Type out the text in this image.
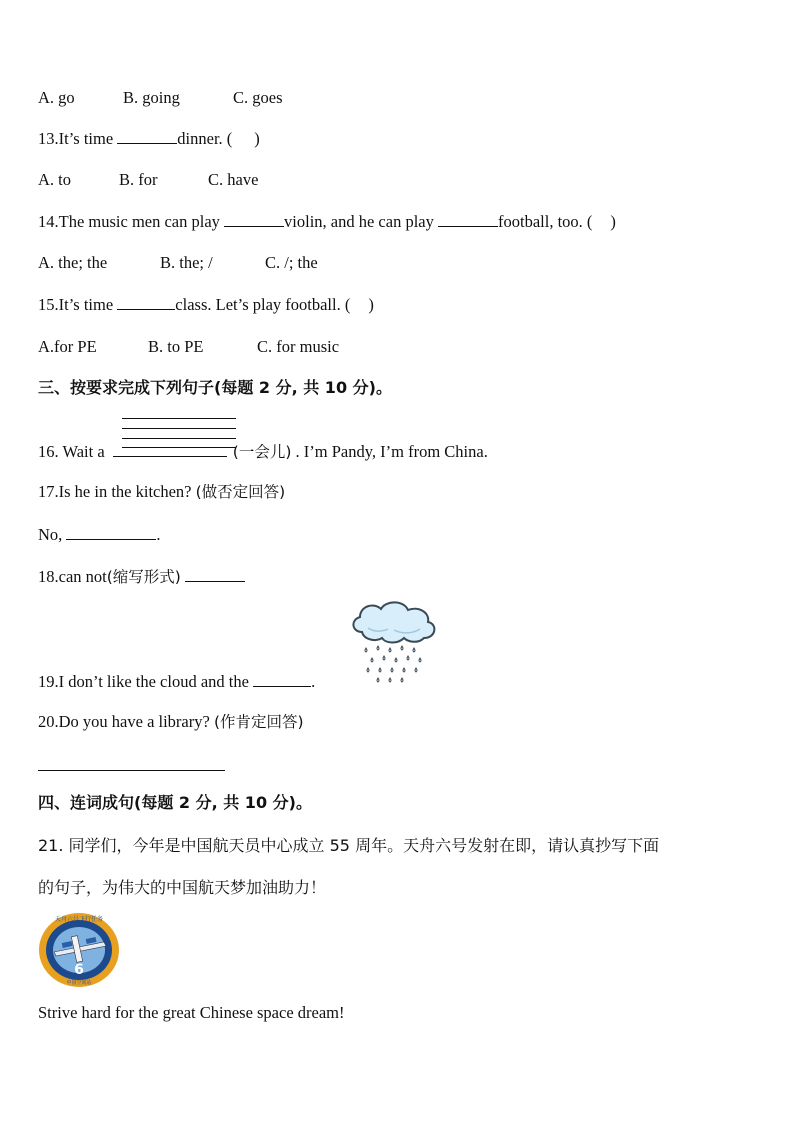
A. go	B. going	C. goes
13.It’s time	dinner. ( )
A. to	B. for	C. have
14.The music men can play	violin, and he can play	football, too. ( )
A. the; the	B. the; /	C. /; the
15.It’s time	class. Let’s play football. ( )
A.for PE	B. to PE	C. for music
三、按要求完成下列句子(每题 2 分, 共 10 分)。
16. Wait a	(一会儿) . I’m Pandy, I’m from China.
17.Is he in the kitchen? (做否定回答)
No,	.
18.can not(缩写形式)
19.I don’t like the cloud and the	.
20.Do you have a library? (作肯定回答)
四、连词成句(每题 2 分, 共 10 分)。
21. 同学们，今年是中国航天员中心成立 55 周年。天舟六号发射在即，请认真抄写下面
的句子，为伟大的中国航天梦加油助力！
6
天舟六号飞行任务
中国空间站
Strive hard for the great Chinese space dream!
